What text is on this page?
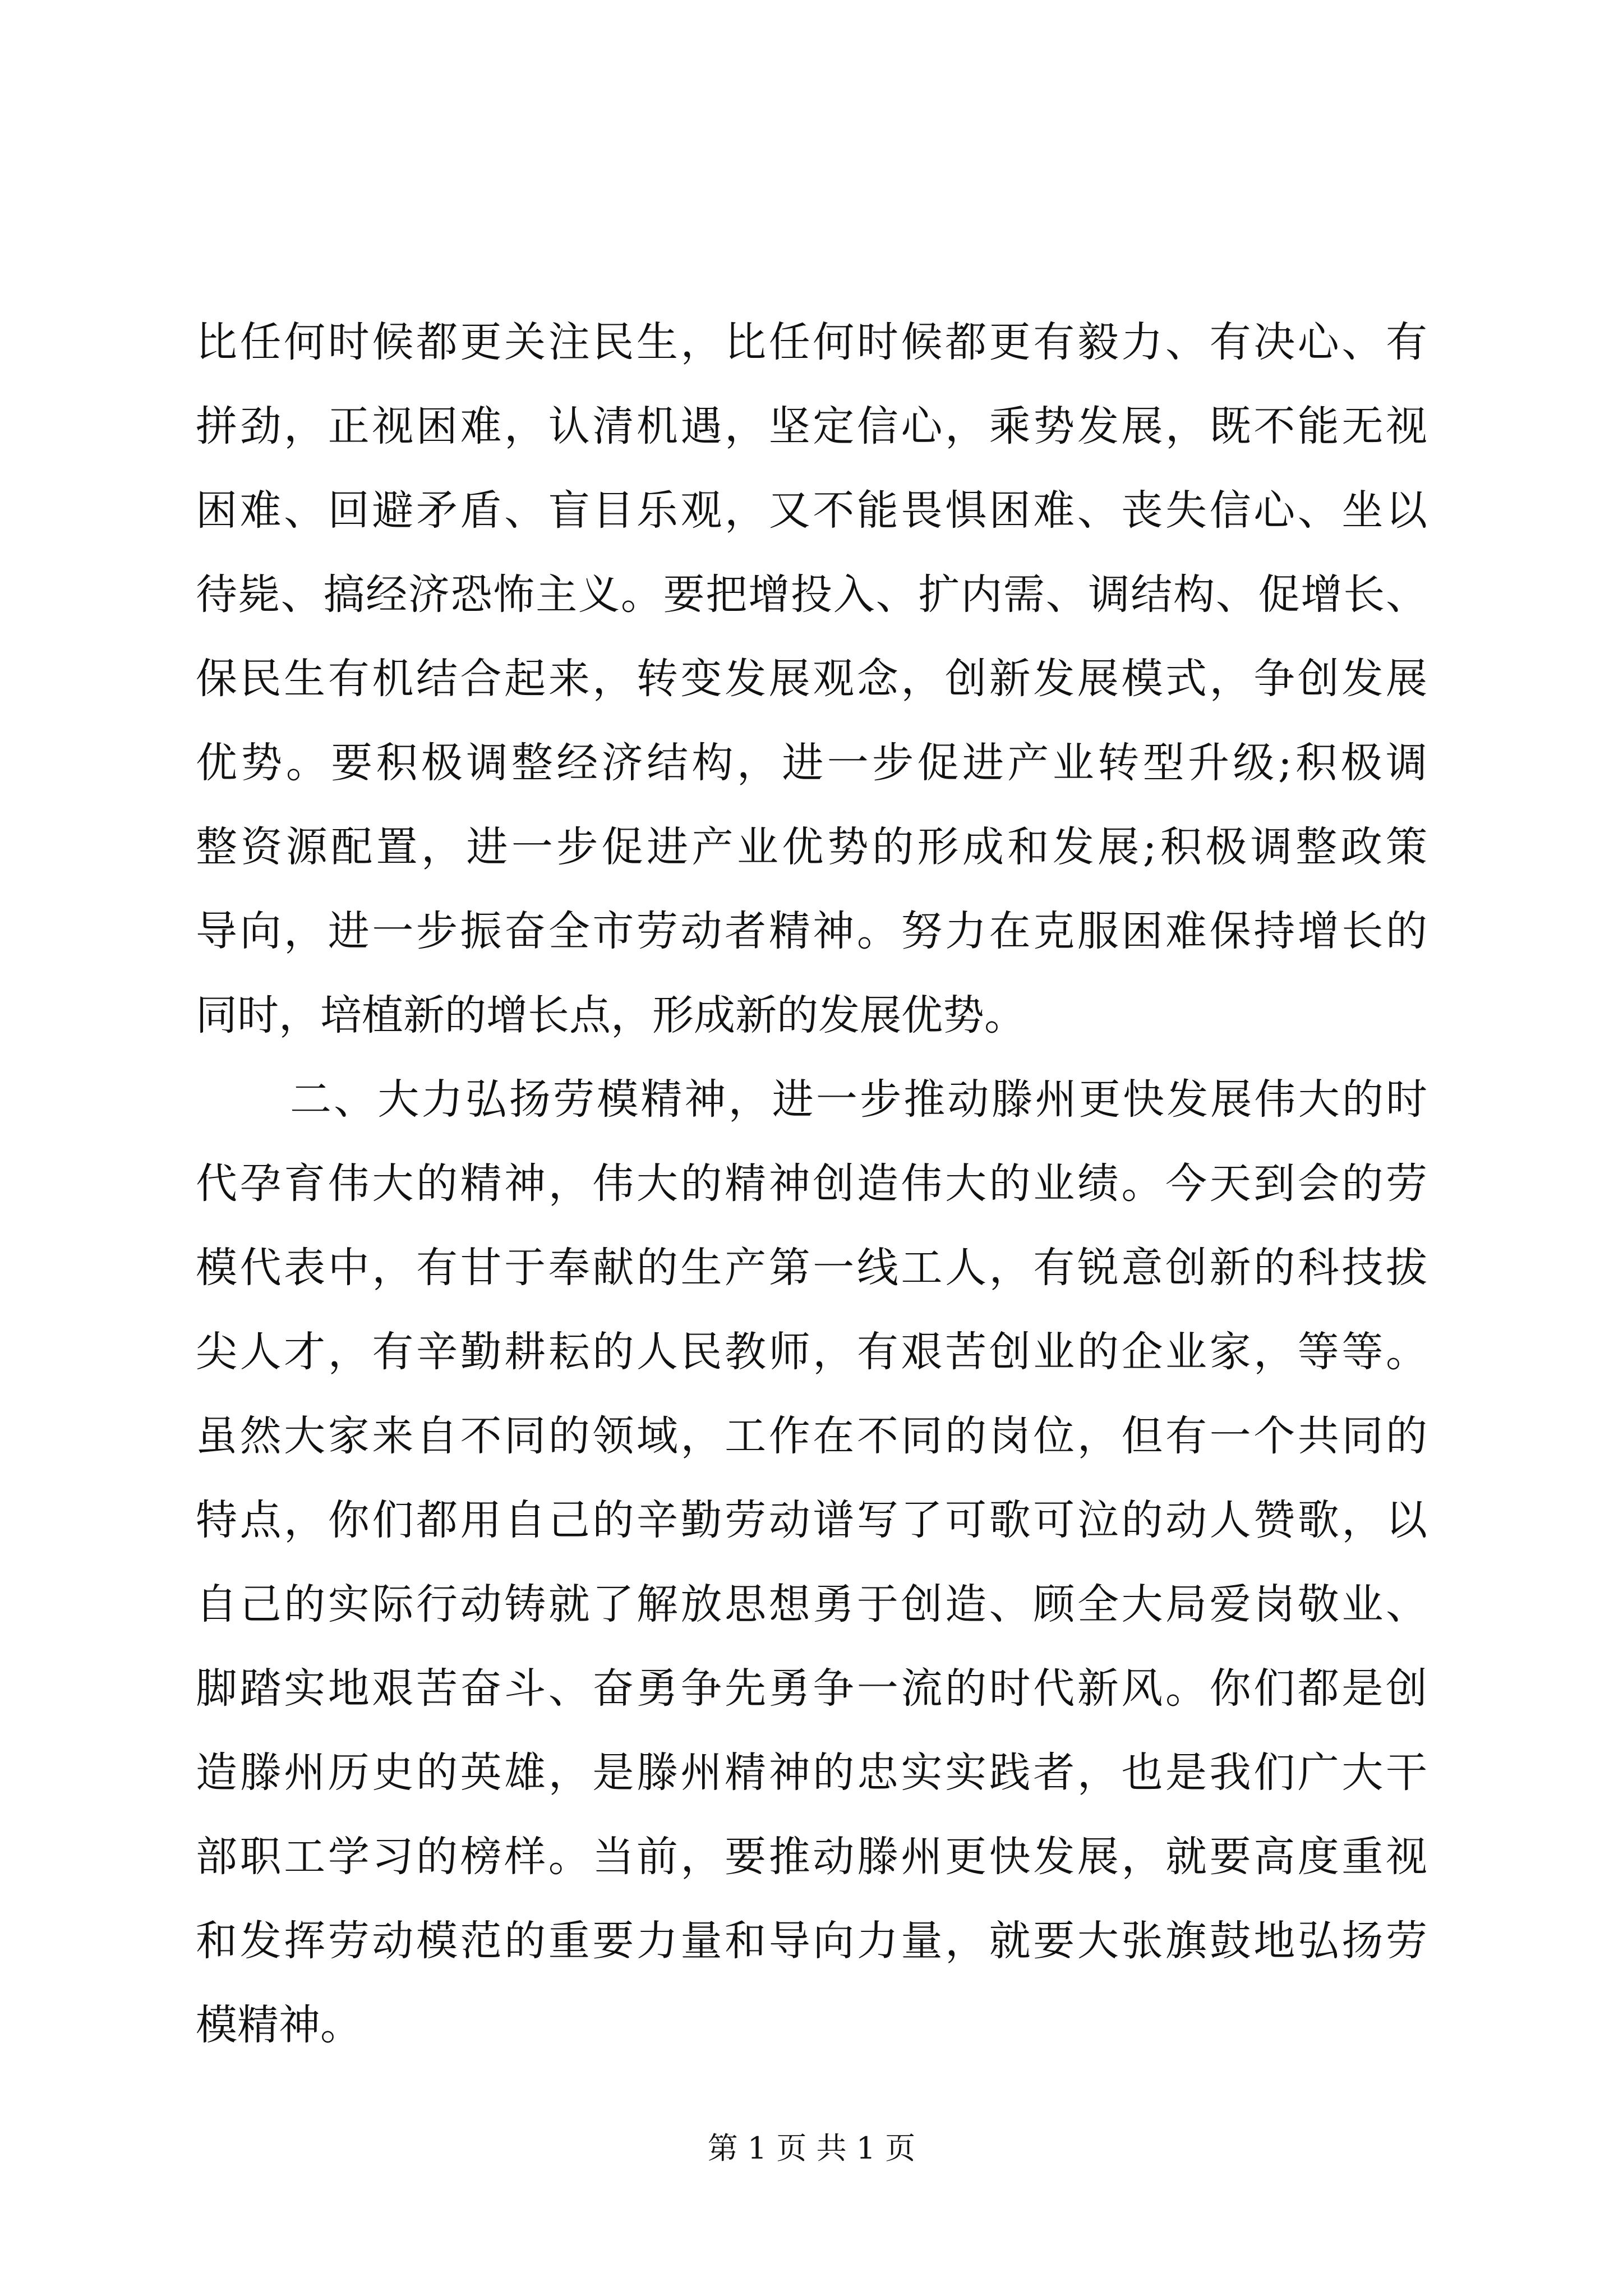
比任何时候都更关注民生，比任何时候都更有毅力、有决心、有
拼劲，正视困难，认清机遇，坚定信心，乘势发展，既不能无视
困难、回避矛盾、盲目乐观，又不能畏惧困难、丧失信心、坐以
待毙、搞经济恐怖主义。要把增投入、扩内需、调结构、促增长、
保民生有机结合起来，转变发展观念，创新发展模式，争创发展
优势。要积极调整经济结构，进一步促进产业转型升级;积极调
整资源配置，进一步促进产业优势的形成和发展;积极调整政策
导向，进一步振奋全市劳动者精神。努力在克服困难保持增长的
同时，培植新的增长点，形成新的发展优势。
二、大力弘扬劳模精神，进一步推动滕州更快发展伟大的时
代孕育伟大的精神，伟大的精神创造伟大的业绩。今天到会的劳
模代表中，有甘于奉献的生产第一线工人，有锐意创新的科技拔
尖人才，有辛勤耕耘的人民教师，有艰苦创业的企业家，等等。
虽然大家来自不同的领域，工作在不同的岗位，但有一个共同的
特点，你们都用自己的辛勤劳动谱写了可歌可泣的动人赞歌，以
自己的实际行动铸就了解放思想勇于创造、顾全大局爱岗敬业、
脚踏实地艰苦奋斗、奋勇争先勇争一流的时代新风。你们都是创
造滕州历史的英雄，是滕州精神的忠实实践者，也是我们广大干
部职工学习的榜样。当前，要推动滕州更快发展，就要高度重视
和发挥劳动模范的重要力量和导向力量，就要大张旗鼓地弘扬劳
模精神。
第 1 页 共 1 页
